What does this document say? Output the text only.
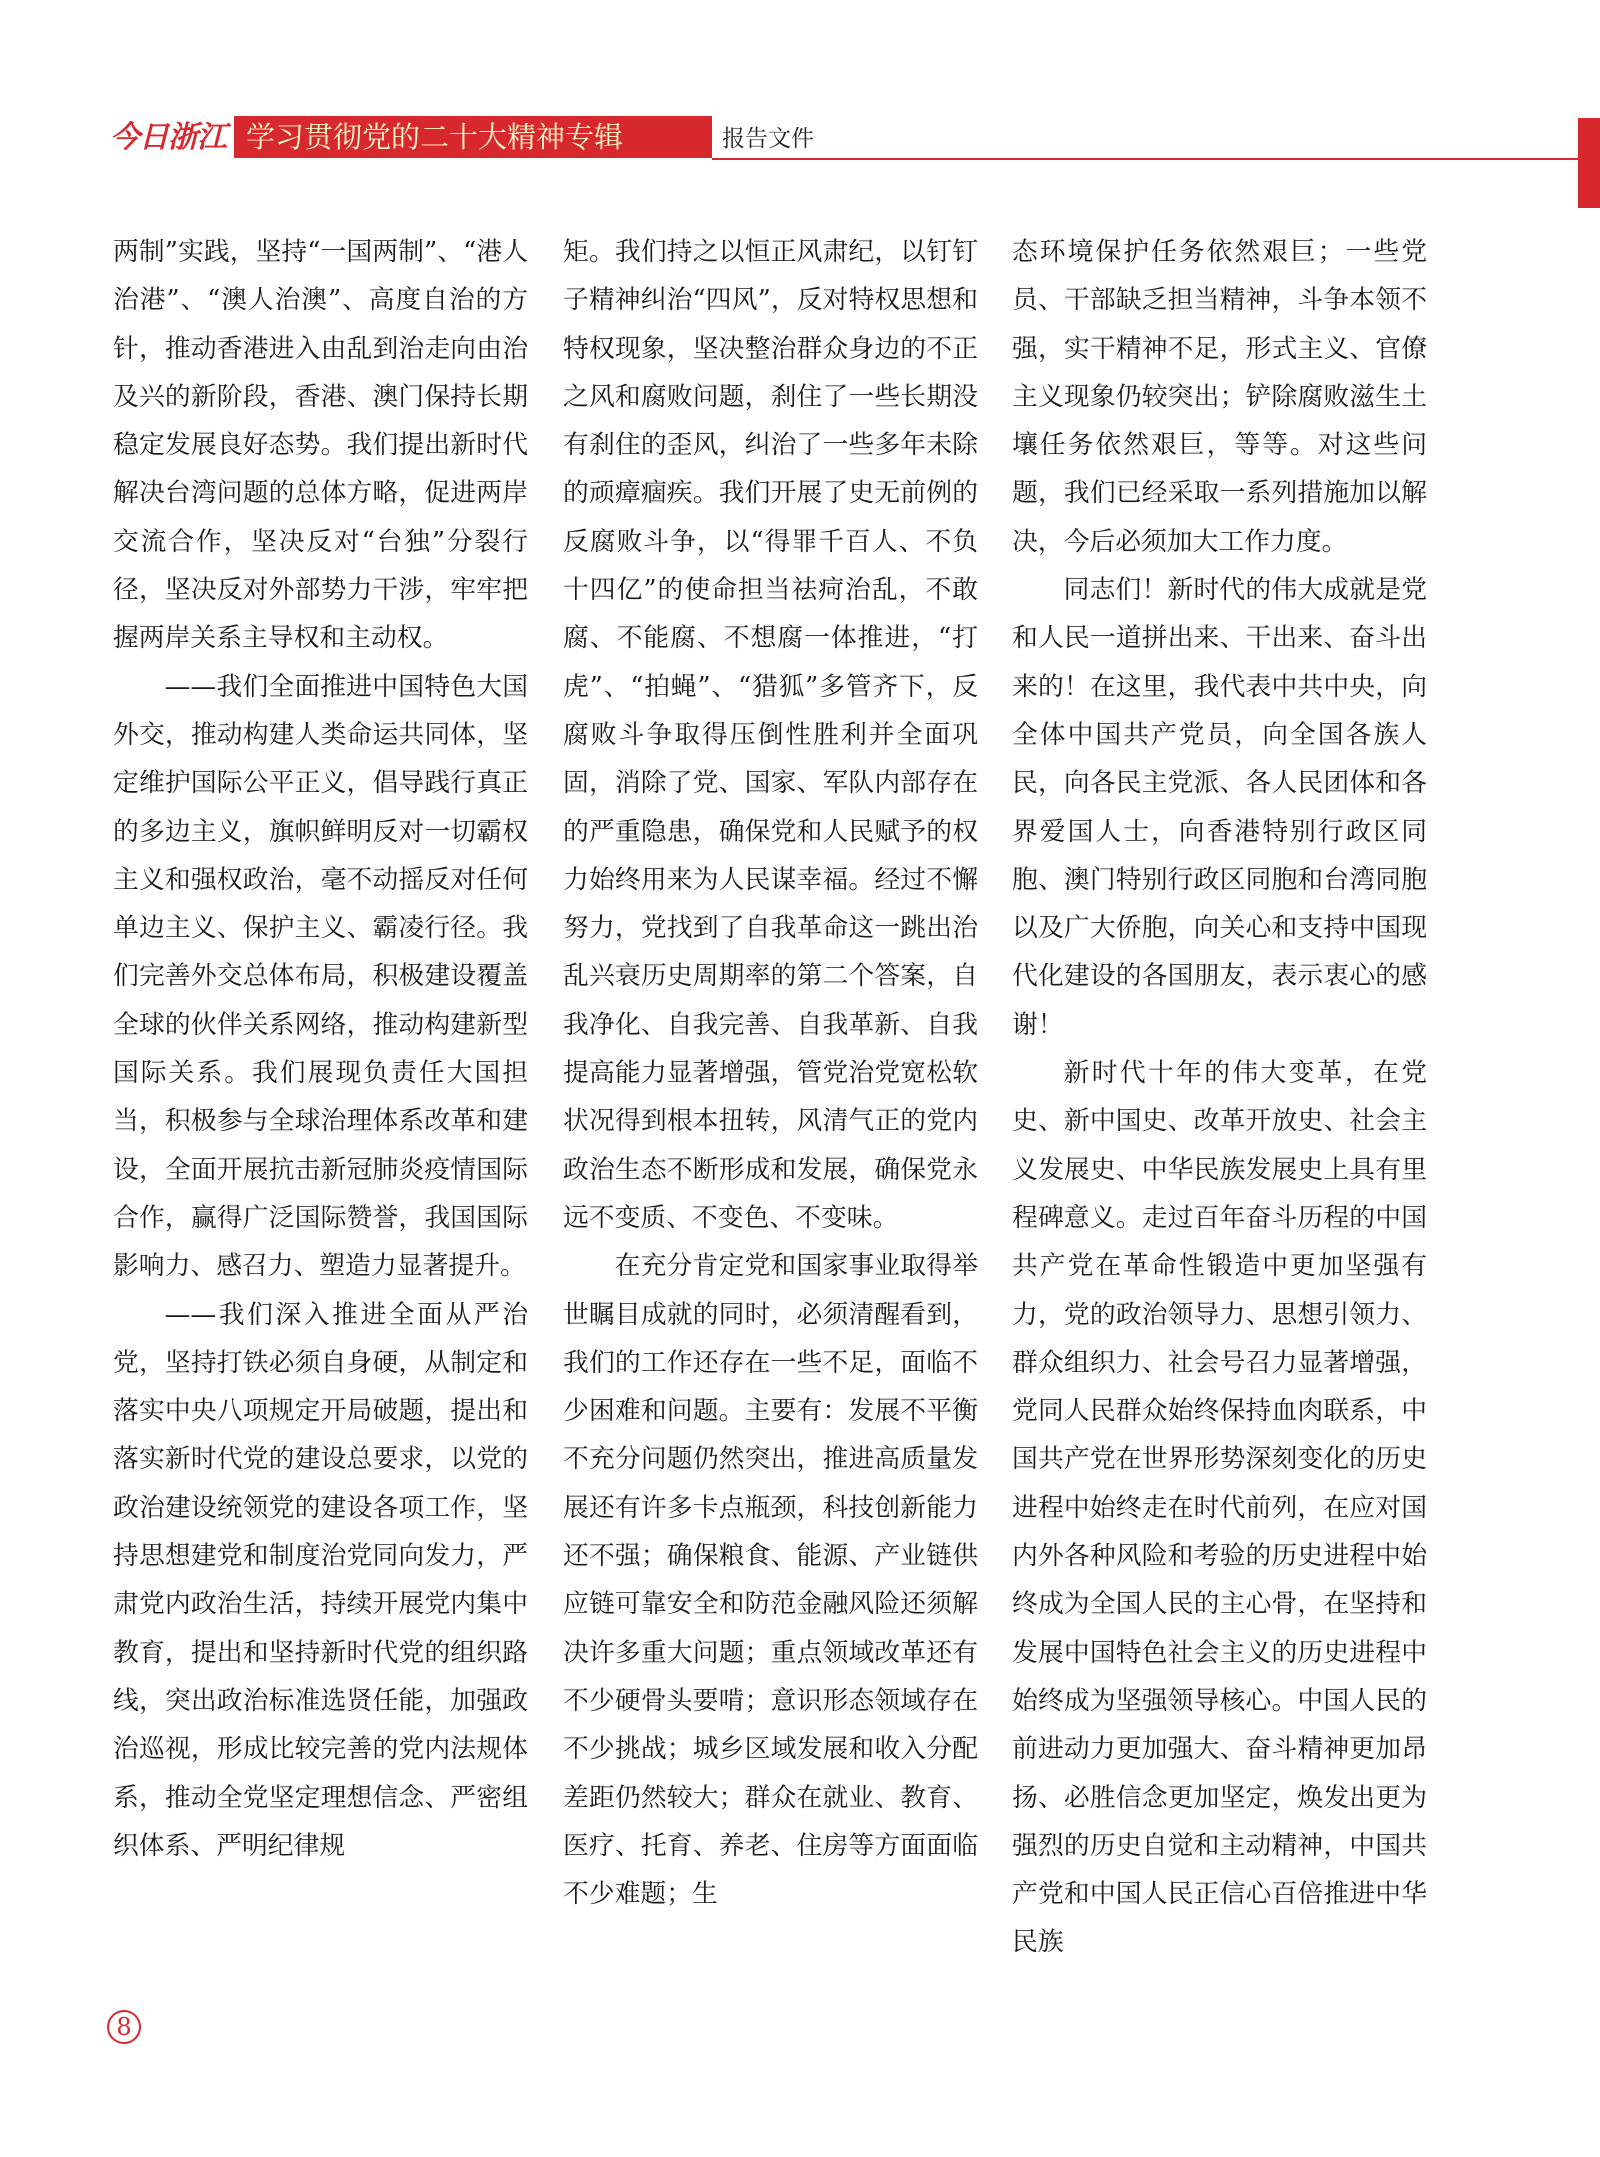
今日浙江 学习贯彻党的二十大精神专辑	报告文件

两制”实践，坚持“一国两制”、“港人治港”、“澳人治澳”、高度自治的方针，推动香港进入由乱到治走向由治及兴的新阶段，香港、澳门保持长期稳定发展良好态势。我们提出新时代解决台湾问题的总体方略，促进两岸交流合作，坚决反对“台独”分裂行径，坚决反对外部势力干涉，牢牢把握两岸关系主导权和主动权。

——我们全面推进中国特色大国外交，推动构建人类命运共同体，坚定维护国际公平正义，倡导践行真正的多边主义，旗帜鲜明反对一切霸权主义和强权政治，毫不动摇反对任何单边主义、保护主义、霸凌行径。我们完善外交总体布局，积极建设覆盖全球的伙伴关系网络，推动构建新型国际关系。我们展现负责任大国担当，积极参与全球治理体系改革和建设，全面开展抗击新冠肺炎疫情国际合作，赢得广泛国际赞誉，我国国际影响力、感召力、塑造力显著提升。

——我们深入推进全面从严治党，坚持打铁必须自身硬，从制定和落实中央八项规定开局破题，提出和落实新时代党的建设总要求，以党的政治建设统领党的建设各项工作，坚持思想建党和制度治党同向发力，严肃党内政治生活，持续开展党内集中教育，提出和坚持新时代党的组织路线，突出政治标准选贤任能，加强政治巡视，形成比较完善的党内法规体系，推动全党坚定理想信念、严密组织体系、严明纪律规

矩。我们持之以恒正风肃纪，以钉钉子精神纠治“四风”，反对特权思想和特权现象，坚决整治群众身边的不正之风和腐败问题，刹住了一些长期没有刹住的歪风，纠治了一些多年未除的顽瘴痼疾。我们开展了史无前例的反腐败斗争，以“得罪千百人、不负十四亿”的使命担当祛疴治乱，不敢腐、不能腐、不想腐一体推进，“打虎”、“拍蝇”、“猎狐”多管齐下，反腐败斗争取得压倒性胜利并全面巩固，消除了党、国家、军队内部存在的严重隐患，确保党和人民赋予的权力始终用来为人民谋幸福。经过不懈努力，党找到了自我革命这一跳出治乱兴衰历史周期率的第二个答案，自我净化、自我完善、自我革新、自我提高能力显著增强，管党治党宽松软状况得到根本扭转，风清气正的党内政治生态不断形成和发展，确保党永远不变质、不变色、不变味。

在充分肯定党和国家事业取得举世瞩目成就的同时，必须清醒看到，我们的工作还存在一些不足，面临不少困难和问题。主要有：发展不平衡不充分问题仍然突出，推进高质量发展还有许多卡点瓶颈，科技创新能力还不强；确保粮食、能源、产业链供应链可靠安全和防范金融风险还须解决许多重大问题；重点领域改革还有不少硬骨头要啃；意识形态领域存在不少挑战；城乡区域发展和收入分配差距仍然较大；群众在就业、教育、医疗、托育、养老、住房等方面面临不少难题；生

态环境保护任务依然艰巨；一些党员、干部缺乏担当精神，斗争本领不强，实干精神不足，形式主义、官僚主义现象仍较突出；铲除腐败滋生土壤任务依然艰巨，等等。对这些问题，我们已经采取一系列措施加以解决，今后必须加大工作力度。

同志们！新时代的伟大成就是党和人民一道拼出来、干出来、奋斗出来的！在这里，我代表中共中央，向全体中国共产党员，向全国各族人民，向各民主党派、各人民团体和各界爱国人士，向香港特别行政区同胞、澳门特别行政区同胞和台湾同胞以及广大侨胞，向关心和支持中国现代化建设的各国朋友，表示衷心的感谢！

新时代十年的伟大变革，在党史、新中国史、改革开放史、社会主义发展史、中华民族发展史上具有里程碑意义。走过百年奋斗历程的中国共产党在革命性锻造中更加坚强有力，党的政治领导力、思想引领力、群众组织力、社会号召力显著增强，党同人民群众始终保持血肉联系，中国共产党在世界形势深刻变化的历史进程中始终走在时代前列，在应对国内外各种风险和考验的历史进程中始终成为全国人民的主心骨，在坚持和发展中国特色社会主义的历史进程中始终成为坚强领导核心。中国人民的前进动力更加强大、奋斗精神更加昂扬、必胜信念更加坚定，焕发出更为强烈的历史自觉和主动精神，中国共产党和中国人民正信心百倍推进中华民族

8
